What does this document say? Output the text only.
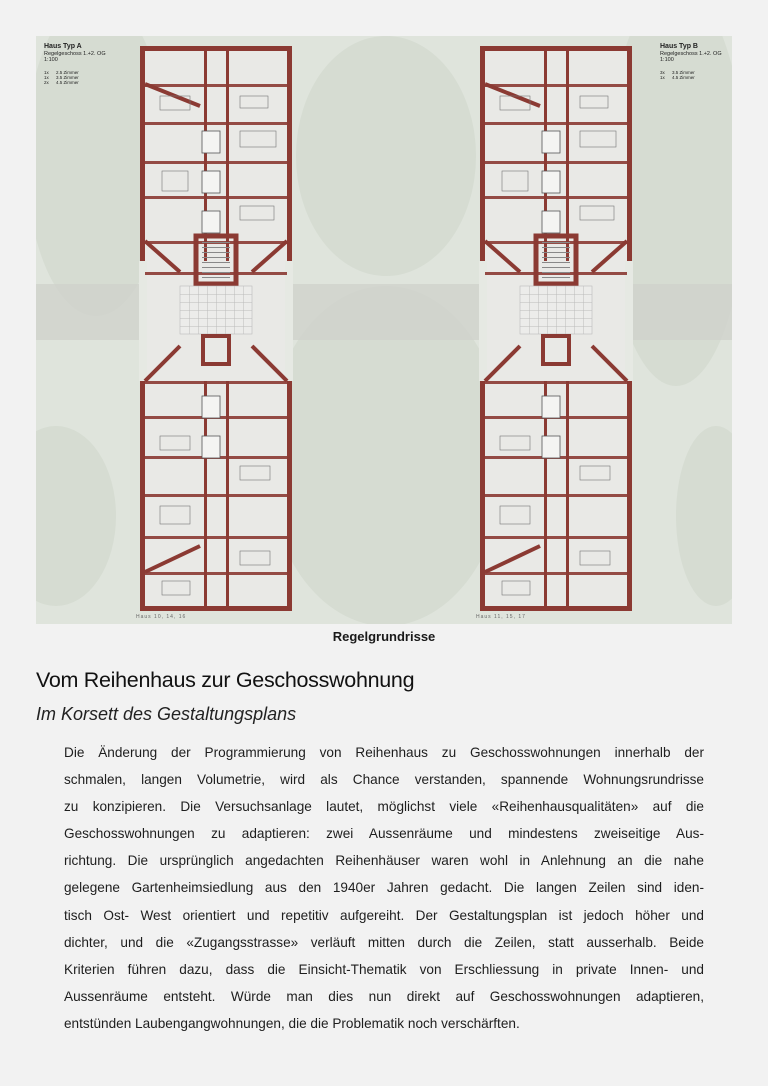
Haus Typ A
Regelgeschoss 1.+2. OG
1:100
1x 2.5 Zimmer
1x 3.5 Zimmer
2x 4.5 Zimmer
Haus Typ B
Regelgeschoss 1.+2. OG
1:100
3x 3.5 Zimmer
1x 4.5 Zimmer
Haus 10, 14, 16	Haus 11, 15, 17
Regelgrundrisse
Vom Reihenhaus zur Geschosswohnung
Im Korsett des Gestaltungsplans
Die Änderung der Programmierung von Reihenhaus zu Geschosswohnungen innerhalb der
schmalen, langen Volumetrie, wird als Chance verstanden, spannende Wohnungsrundrisse
zu konzipieren. Die Versuchsanlage lautet, möglichst viele «Reihenhausqualitäten» auf die
Geschosswohnungen zu adaptieren: zwei Aussenräume und mindestens zweiseitige Aus-
richtung. Die ursprünglich angedachten Reihenhäuser waren wohl in Anlehnung an die nahe
gelegene Gartenheimsiedlung aus den 1940er Jahren gedacht. Die langen Zeilen sind iden-
tisch Ost- West orientiert und repetitiv aufgereiht. Der Gestaltungsplan ist jedoch höher und
dichter, und die «Zugangsstrasse» verläuft mitten durch die Zeilen, statt ausserhalb. Beide
Kriterien führen dazu, dass die Einsicht-Thematik von Erschliessung in private Innen- und
Aussenräume entsteht. Würde man dies nun direkt auf Geschosswohnungen adaptieren,
entstünden Laubengangwohnungen, die die Problematik noch verschärften.
